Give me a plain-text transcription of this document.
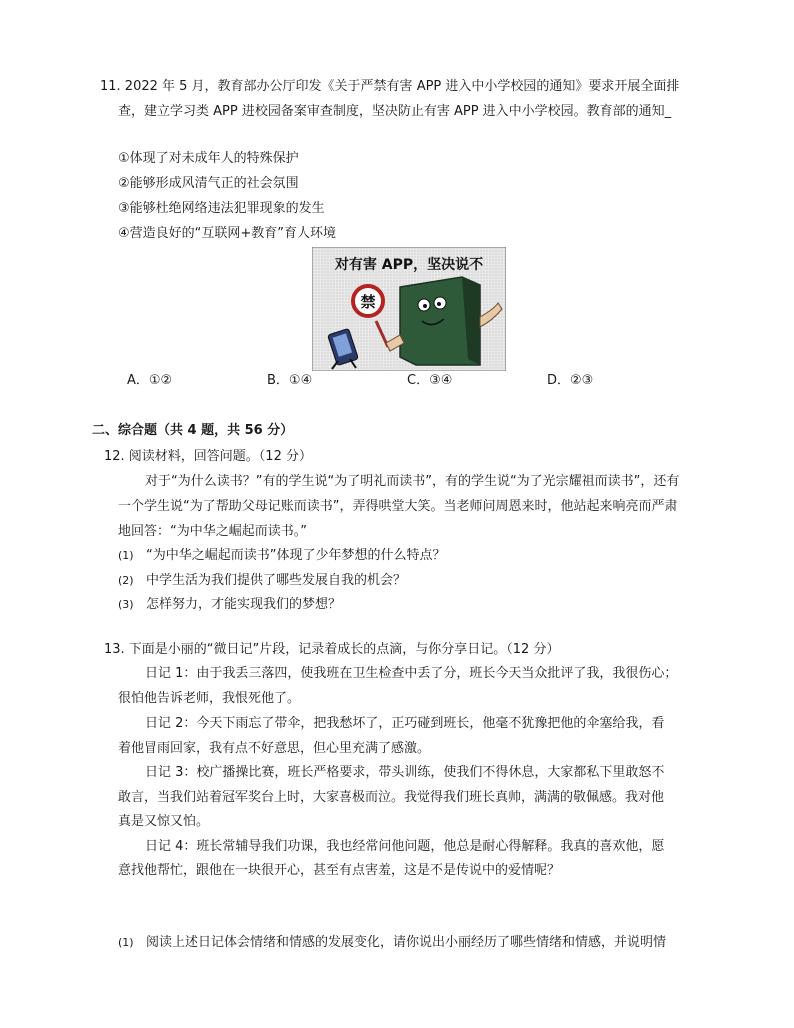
11. 2022 年 5 月，教育部办公厅印发《关于严禁有害 APP 进入中小学校园的通知》要求开展全面排
查，建立学习类 APP 进校园备案审查制度，坚决防止有害 APP 进入中小学校园。教育部的通知_
①体现了对未成年人的特殊保护
②能够形成风清气正的社会氛围
③能够杜绝网络违法犯罪现象的发生
④营造良好的“互联网+教育”育人环境
对有害 APP，坚决说不
禁
A．①②	B．①④	C．③④	D．②③
二、综合题（共 4 题，共 56 分）
12. 阅读材料，回答问题。（12 分）
对于“为什么读书？”有的学生说“为了明礼而读书”，有的学生说“为了光宗耀祖而读书”，还有
一个学生说“为了帮助父母记账而读书”，弄得哄堂大笑。当老师问周恩来时，他站起来响亮而严肃
地回答：“为中华之崛起而读书。”
(1) “为中华之崛起而读书”体现了少年梦想的什么特点？
(2) 中学生活为我们提供了哪些发展自我的机会？
(3) 怎样努力，才能实现我们的梦想？
13. 下面是小丽的“微日记”片段，记录着成长的点滴，与你分享日记。（12 分）
日记 1：由于我丢三落四，使我班在卫生检查中丢了分，班长今天当众批评了我，我很伤心；
很怕他告诉老师，我恨死他了。
日记 2：今天下雨忘了带伞，把我愁坏了，正巧碰到班长，他毫不犹豫把他的伞塞给我，看
着他冒雨回家，我有点不好意思，但心里充满了感激。
日记 3：校广播操比赛，班长严格要求，带头训练，使我们不得休息，大家都私下里敢怒不
敢言，当我们站着冠军奖台上时，大家喜极而泣。我觉得我们班长真帅，满满的敬佩感。我对他
真是又惊又怕。
日记 4：班长常辅导我们功课，我也经常问他问题，他总是耐心得解释。我真的喜欢他，愿
意找他帮忙，跟他在一块很开心，甚至有点害羞，这是不是传说中的爱情呢？
(1) 阅读上述日记体会情绪和情感的发展变化，请你说出小丽经历了哪些情绪和情感，并说明情
